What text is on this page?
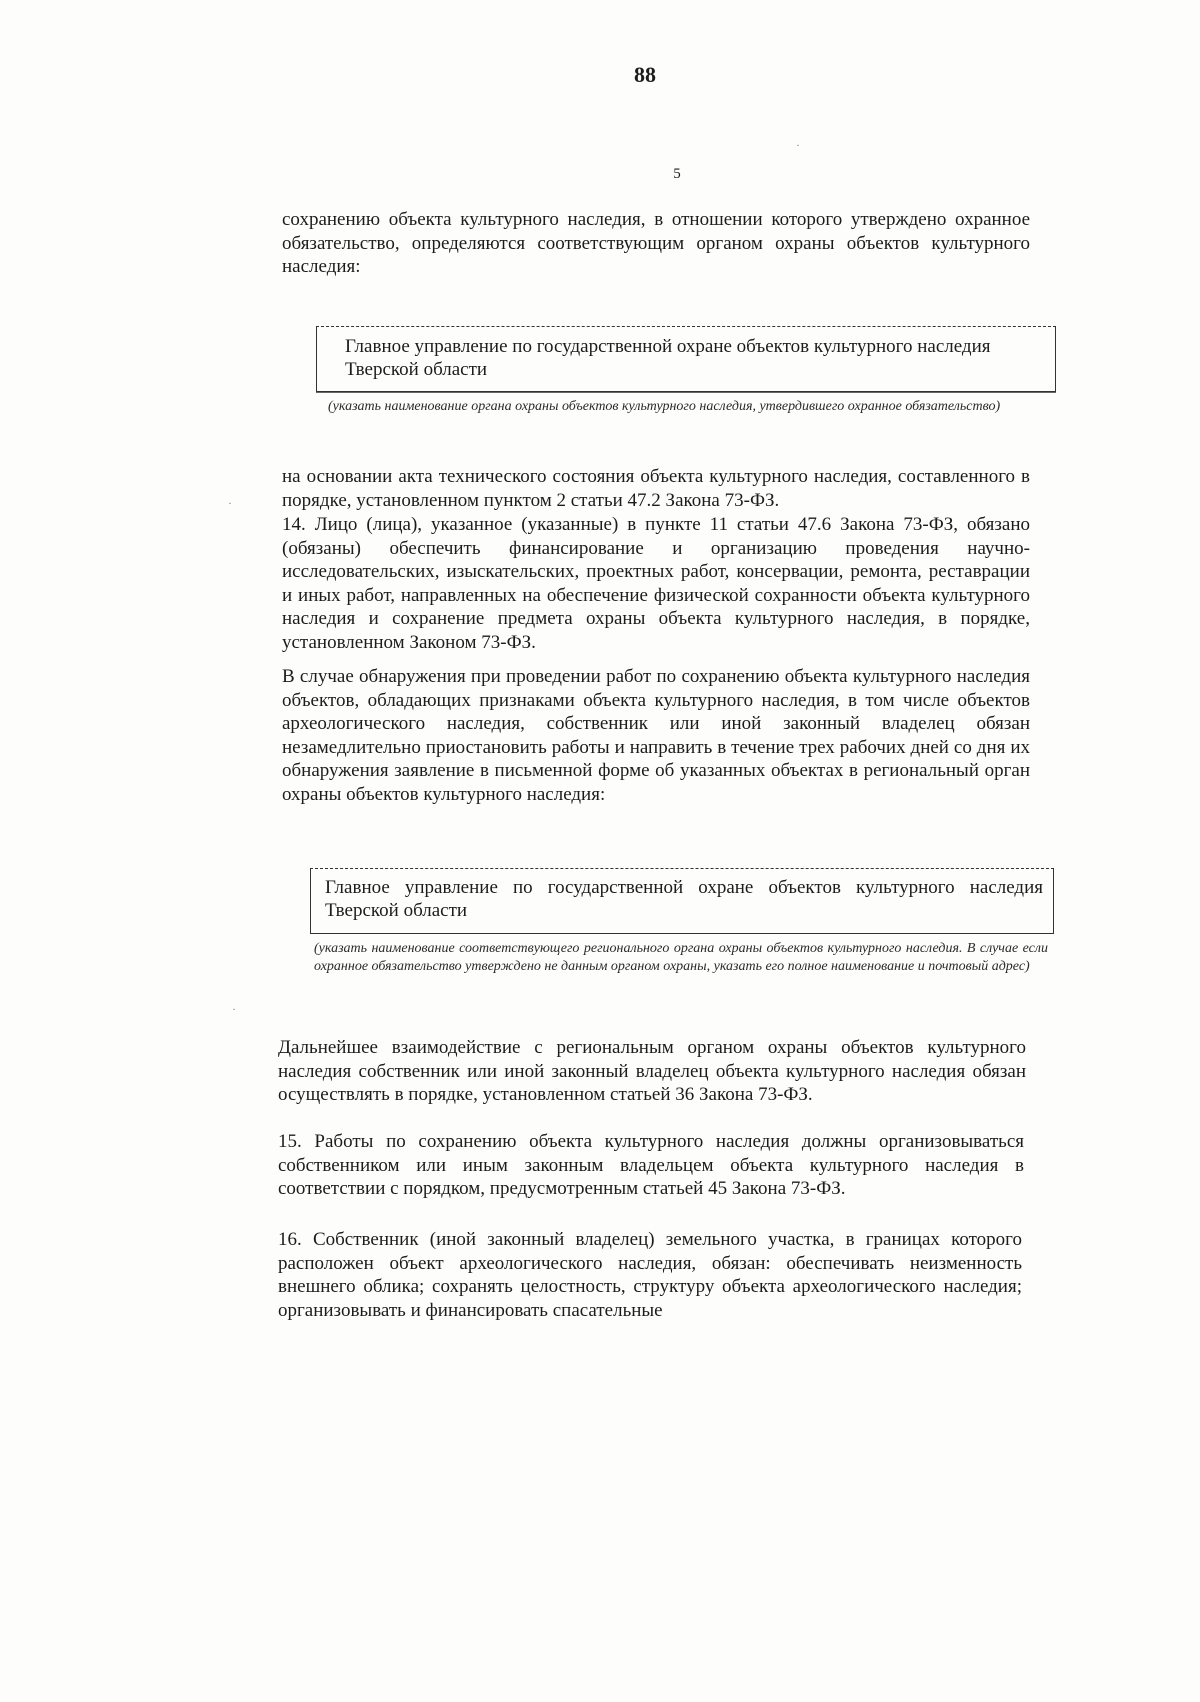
88
5

сохранению объекта культурного наследия, в отношении которого утверждено охранное обязательство, определяются соответствующим органом охраны объектов культурного наследия:

Главное управление по государственной охране объектов культурного наследия Тверской области

(указать наименование органа охраны объектов культурного наследия, утвердившего охранное обязательство)

на основании акта технического состояния объекта культурного наследия, составленного в порядке, установленном пунктом 2 статьи 47.2 Закона 73-ФЗ.

14. Лицо (лица), указанное (указанные) в пункте 11 статьи 47.6 Закона 73-ФЗ, обязано (обязаны) обеспечить финансирование и организацию проведения научно-исследовательских, изыскательских, проектных работ, консервации, ремонта, реставрации и иных работ, направленных на обеспечение физической сохранности объекта культурного наследия и сохранение предмета охраны объекта культурного наследия, в порядке, установленном Законом 73-ФЗ.

В случае обнаружения при проведении работ по сохранению объекта культурного наследия объектов, обладающих признаками объекта культурного наследия, в том числе объектов археологического наследия, собственник или иной законный владелец обязан незамедлительно приостановить работы и направить в течение трех рабочих дней со дня их обнаружения заявление в письменной форме об указанных объектах в региональный орган охраны объектов культурного наследия:

Главное управление по государственной охране объектов культурного наследия Тверской области

(указать наименование соответствующего регионального органа охраны объектов культурного наследия. В случае если охранное обязательство утверждено не данным органом охраны, указать его полное наименование и почтовый адрес)

Дальнейшее взаимодействие с региональным органом охраны объектов культурного наследия собственник или иной законный владелец объекта культурного наследия обязан осуществлять в порядке, установленном статьей 36 Закона 73-ФЗ.

15. Работы по сохранению объекта культурного наследия должны организовываться собственником или иным законным владельцем объекта культурного наследия в соответствии с порядком, предусмотренным статьей 45 Закона 73-ФЗ.

16. Собственник (иной законный владелец) земельного участка, в границах которого расположен объект археологического наследия, обязан: обеспечивать неизменность внешнего облика; сохранять целостность, структуру объекта археологического наследия; организовывать и финансировать спасательные

·
·
·
